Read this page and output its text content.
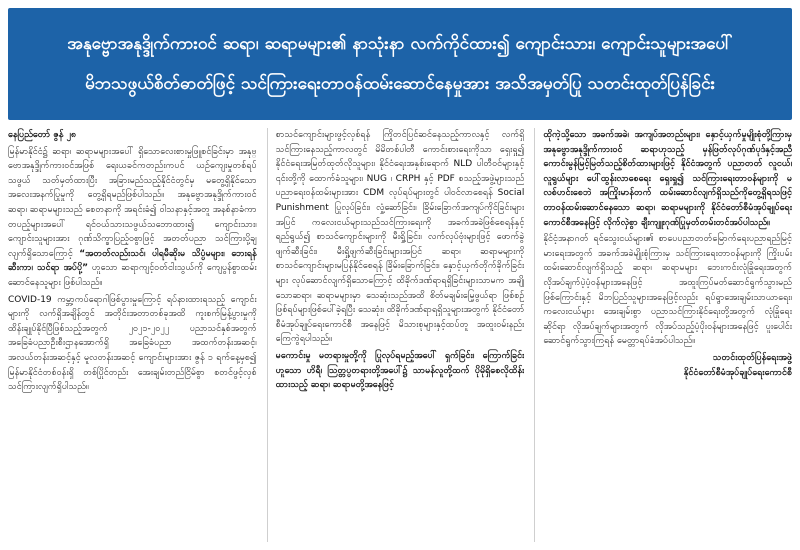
အနုဗ္ဗောအနုဒ္ဒိုက်ကားဝင် ဆရာ၊ ဆရာမများ၏ နာသုံးနာ လက်ကိုင်ထား၍ ကျောင်းသား၊ ကျောင်းသူများအပေါ်
မိဘသဖွယ်စိတ်ဓာတ်ဖြင့် သင်ကြားရေးတာဝန်ထမ်းဆောင်နေမှုအား အသိအမှတ်ပြု သတင်းထုတ်ပြန်ခြင်း

နေပြည်တော် ဇွန် ၂၈

မြန်မာနိုင်ငံ၌ ဆရာ၊ ဆရာမများအပေါ် ရှိသောလေးစားမှုဖြူစင်ခြင်းမှာ အနုဗ္ဗောအနုဒ္ဒိုက်ကားဝင်အဖြစ် ရေးယခင်ကတည်းကပင် ယဉ်ကျေးမှုတစ်ရပ်သဖွယ် သတ်မှတ်ထားပြီး အခြားမည်သည့်နိုင်ငံတွင်မှ မတွေ့ရှိနိုင်သော အလေးအနက်ပြုမှုကို တွေ့ရှိရမည်ဖြစ်ပါသည်။ အနုဗ္ဗောအနုဒ္ဒိုက်ကားဝင် ဆရာ၊ ဆရာမများသည် စေတနာကို အရင်းခံ၍ ဝါသနာနှင့်အတူ အနစ်နာခံကာ တပည့်များအပေါ် ရင်ဝယ်သားသဖွယ်သဘောထား၍ ကျောင်းသား၊ ကျောင်းသူများအား ဂုဏ်သိက္ခာပြည့်ဝစွာဖြင့် အတတ်ပညာ သင်ကြားပို့ချလျက်ရှိသောကြောင့် “အတတ်လည်းသင်၊ ပါရမီဆိုးမ သိပ္ပံမများ၊ ဘေးရန်ဆီးကာ၊ သင်ရာ အပ်ပို့” ဟူသော ဆရာကျင့်ဝတ်ငါးသွယ်ကို ကျေပွန်စွာထမ်းဆောင်နေသူများ ဖြစ်ပါသည်။

COVID-19 ကမ္ဘာ့ကပ်ရောဂါဖြစ်ပွားမှုကြောင့် ရပ်နားထားရသည့် ကျောင်းများကို လက်ရှိအချိန်တွင် အတိုင်းအတာတစ်ခုအထိ ကူးစက်မြန့်ပွားမှုကို ထိန်းချုပ်နိုင်ပြီဖြစ်သည့်အတွက် ၂၀၂၁-၂၀၂၂ ပညာသင်နှစ်အတွက် အခြေခံပညာဦးစီးဌာနအောက်ရှိ အခြေခံပညာ အထက်တန်းအဆင့်၊ အလယ်တန်းအဆင့်နှင့် မူလတန်းအဆင့် ကျောင်းများအား ဇွန် ၁ ရက်နေ့မှစ၍ မြန်မာနိုင်ငံတစ်ဝန်းရှိ တစ်ပြိုင်တည်း အေးချမ်းတည်ငြိမ်စွာ စတင်ဖွင့်လှစ်သင်ကြားလျက်ရှိပါသည်။

စာသင်ကျောင်းများဖွင့်လှစ်ရန် ကြိုတင်ပြင်ဆင်နေသည့်ကာလနှင့် လက်ရှိသင်ကြားနေသည့်ကာလတွင် မိမိတစ်ပါတီ ကောင်းစားရေးကိုသာ ရှေးရှု၍ နိုင်ငံရေးအမြတ်ထုတ်လိုသူများ၊ နိုင်ငံရေးအနှစ်းရောက် NLD ပါတီဝင်များနှင့် ၎င်းတို့ကို ထောက်ခံသူများ၊ NUG ၊ CRPH နှင့် PDF စသည့်အဖွဲ့များသည် ပညာရေးဝန်ထမ်းများအား CDM လုပ်ရပ်များတွင် ပါဝင်လာစေရန် Social Punishment ပြုလုပ်ခြင်း၊ လှုံ့ဆော်ခြင်း၊ ခြိမ်းခြောက်အကျပ်ကိုင်ခြင်းများအပြင် ကလေးငယ်များသည်သင်ကြားရေးကို အခက်အခဲဖြစ်စေရန်နှင့်ရည်ရွယ်၍ စာသင်ကျောင်းများကို မီးရှို့ခြင်း၊ လက်လုပ်ဗုံးများဖြင့် ဖောက်ခွဲဖျက်ဆီးခြင်း၊ မီးရှို့ဖျက်ဆီးခြင်းများအပြင် ဆရာ၊ ဆရာမများကို စာသင်ကျောင်းများမပြန်နိုင်စေရန် ခြိမ်းခြောက်ခြင်း၊ နှောင့်ယှက်တိုက်ခိုက်ခြင်းများ လုပ်ဆောင်လျက်ရှိသောကြောင့် ထိခိုက်ဒဏ်ရာရရှိခြင်းများသာမက အချို့သောဆရာ၊ ဆရာမများမှာ သေဆုံးသည်အထိ စိတ်မချမ်းမြေ့ဖွယ်ရာ ဖြစ်စဉ်ဖြစ်ရပ်များဖြစ်ပေါ်ခဲ့ရပြီး သေဆုံး၊ ထိခိုက်ဒဏ်ရာရရှိသူများအတွက် နိုင်ငံတော်စီမံအုပ်ချုပ်ရေးကောင်စီ အနေဖြင့် မိသားစုများနှင့်ထပ်တူ အထူးဝမ်းနည်းကြေကွဲရပါသည်။

မကောင်းမှု မတရားမှုတို့ကို ပြုလုပ်ရမည့်အပေါ် ရှက်ခြင်း၊ ကြောက်ခြင်းဟူသော ဟိရီ၊ ဩတ္တပ္ပတရားတို့အပေါ်၌ သာမန်လူတို့ထက် ပိုမိုရှိစေလိုထိန်းထားသည့် ဆရာ၊ ဆရာမတို့အနေဖြင့်

ထိုကဲ့သို့သော အခက်အခဲ၊ အကျပ်အတည်းများ၊ နှောင့်ယှက်မှုမျိုးစုံတို့ကြားမှ အနုဗ္ဗောအနုဒ္ဒိုက်ကားဝင် ဆရာဟုသည့် မှန်ဖြတ်လုပ်ဂုဏ်ပုဒ်နှင့်အညီ ကောင်းမွန်မြင့်မြတ်သည့်စိတ်ထားများဖြင့် နိုင်ငံအတွက် ပညာတတ် လူငယ်၊ လူရွယ်များ ပေါ်ထွန်းလာစေရေး ရှေးရှု၍ သင်ကြားရေးတာဝန်များကို မလစ်ဟင်းစေဘဲ အကြိုးမာန်တက် ထမ်းဆောင်လျက်ရှိသည်ကိုတွေ့ရှိရသဖြင့် တာဝန်ထမ်းဆောင်နေသော ဆရာ၊ ဆရာမများကို နိုင်ငံတော်စီမံအုပ်ချုပ်ရေးကောင်စီအနေဖြင့် လိုက်လှဲစွာ ချီးကျူးဂုဏ်ပြုမှတ်တမ်းတင်အပ်ပါသည်။

နိုင်ငံ့အနာဂတ် ရင်သွေးငယ်များ၏ စာပေပညာတတ်မြောက်ရေးပညာရည်မြင့်မားရေးအတွက် အခက်အခဲမျိုးစုံကြားမှ သင်ကြားရေးတာဝန်များကို ကြိုးပမ်းထမ်းဆောင်လျက်ရှိသည့် ဆရာ၊ ဆရာမများ ဘေးကင်းလုံခြုံရေးအတွက် လိုအပ်ချက်ပဲ့ပံ့ဝန်များအနေဖြင့် အထူးကြပ်မတ်ဆောင်ရွက်သွားမည်ဖြစ်ကြောင်းနှင့် မိဘပြည်သူများအနေဖြင့်လည်း ရပ်ရွာအေးချမ်းသာယာရေး၊ ကလေးငယ်များ အေးချမ်းစွာ ပညာသင်ကြားနိုင်ရေးတို့အတွက် လုံခြုံရေးဆိုင်ရာ လိုအပ်ချက်များအတွက် လိုအပ်သည့်ပံ့ပိုးဝန်များအနေဖြင့် ပူးပေါင်း ဆောင်ရွက်သွားကြရန် မေတ္တာရပ်ခံအပ်ပါသည်။

သတင်းထုတ်ပြန်ရေးအဖွဲ့
နိုင်ငံတော်စီမံအုပ်ချုပ်ရေးကောင်စီ
